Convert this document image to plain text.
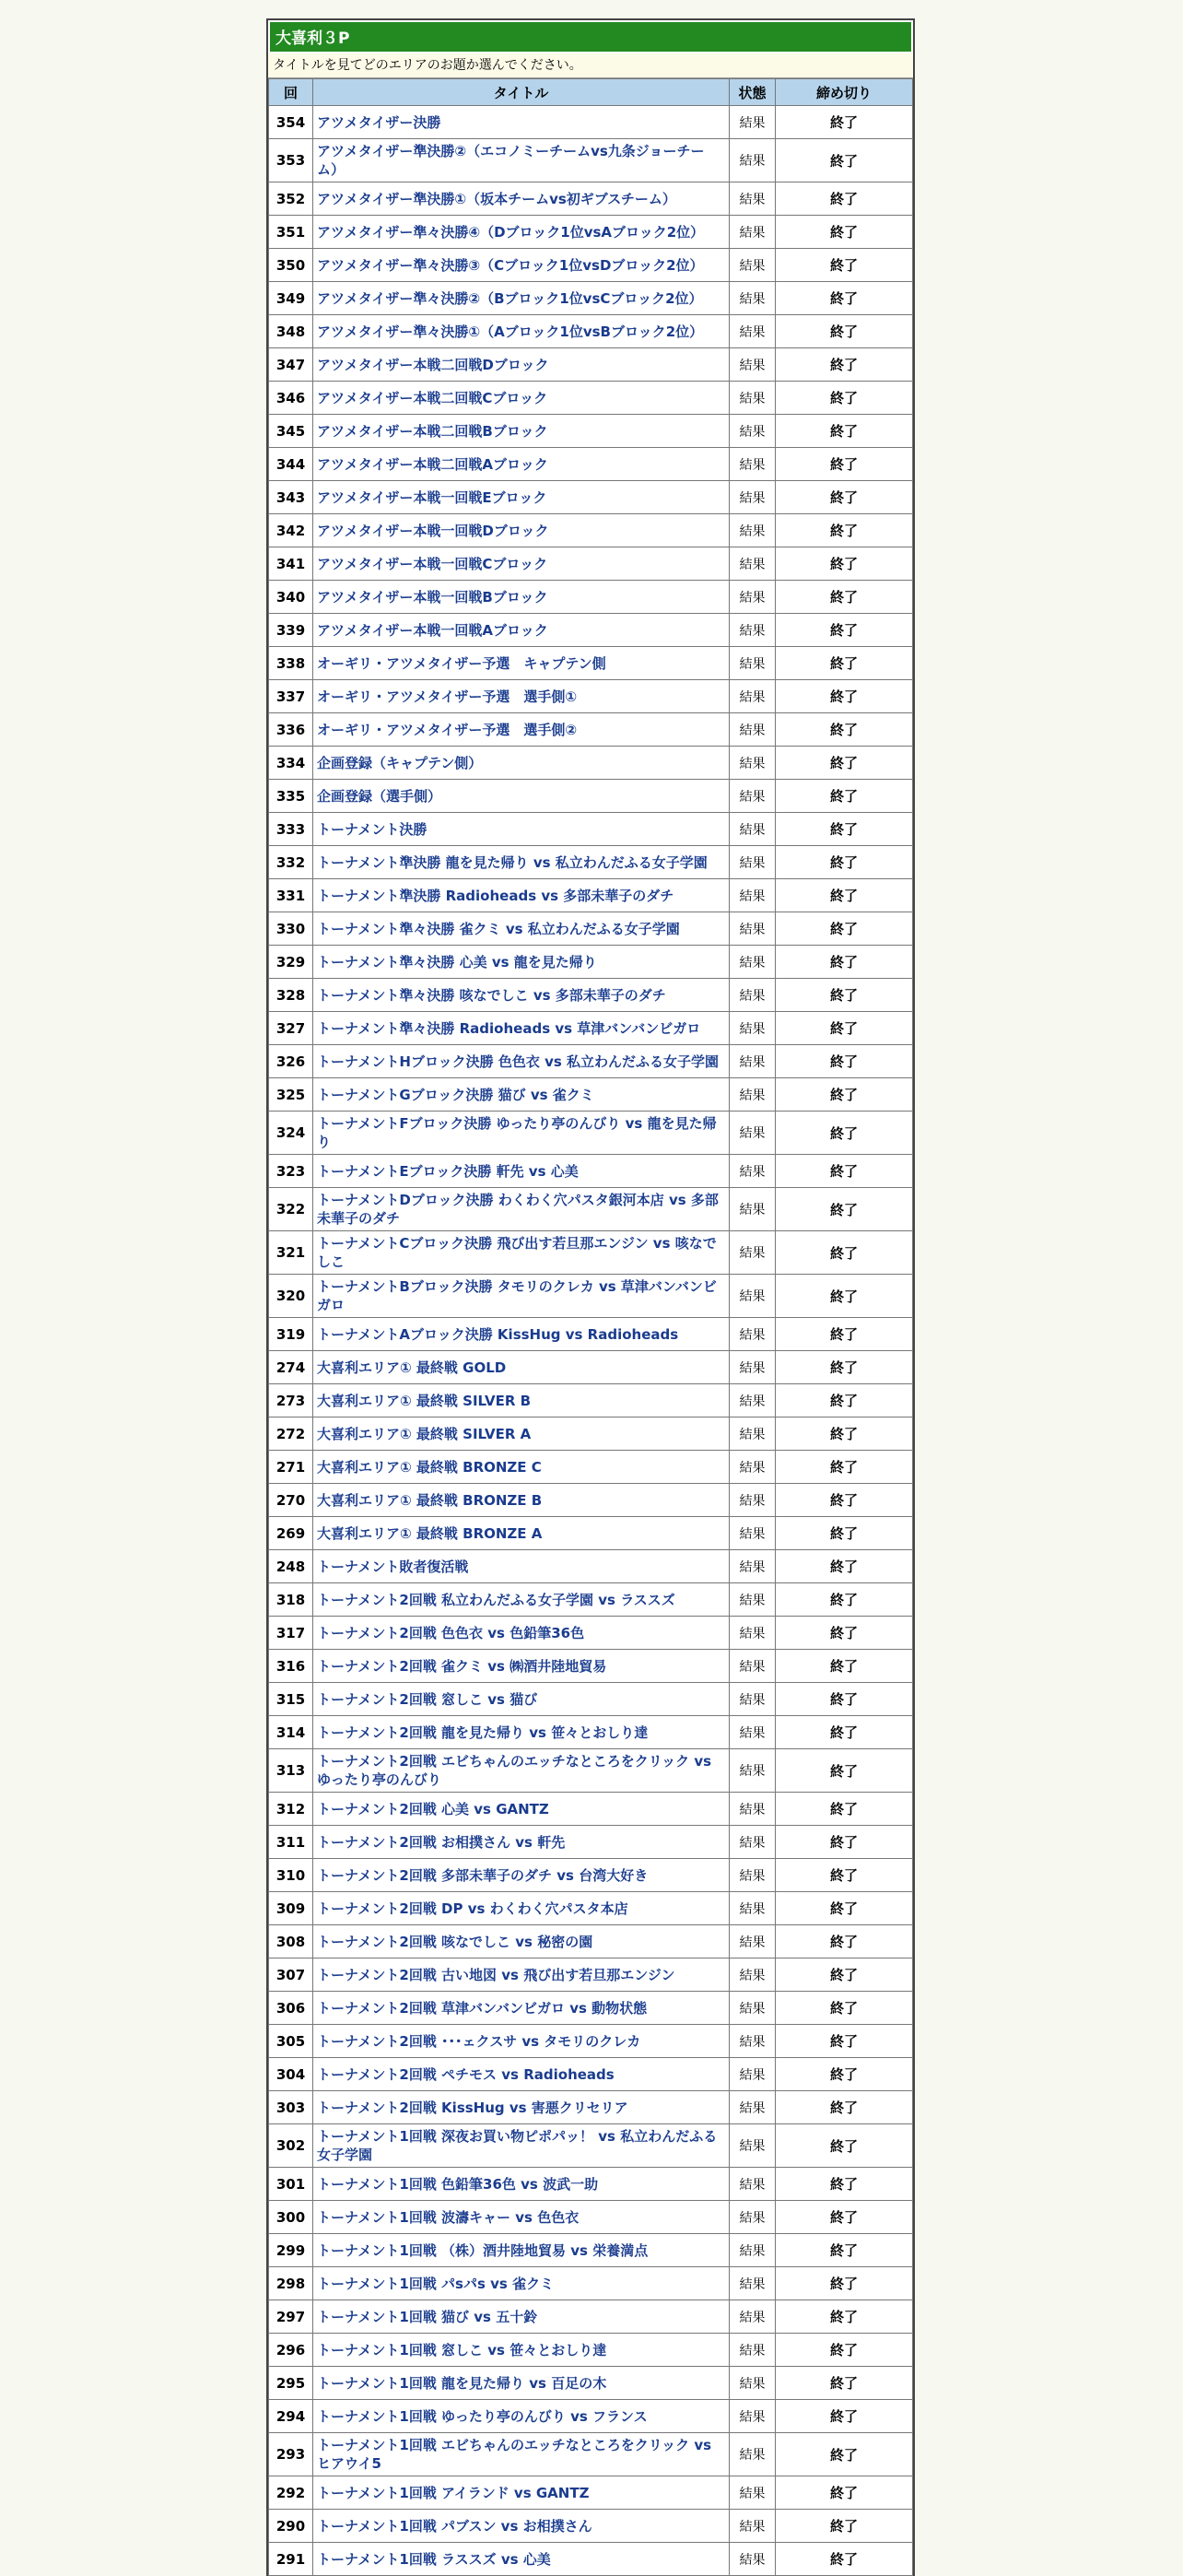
大喜利３P
タイトルを見てどのエリアのお題か選んでください。
回	タイトル	状態	締め切り
354	アツメタイザー決勝	結果	終了
353	アツメタイザー準決勝②（エコノミーチームvs九条ジョーチーム）	結果	終了
352	アツメタイザー準決勝①（坂本チームvs初ギブスチーム）	結果	終了
351	アツメタイザー準々決勝④（Dブロック1位vsAブロック2位）	結果	終了
350	アツメタイザー準々決勝③（Cブロック1位vsDブロック2位）	結果	終了
349	アツメタイザー準々決勝②（Bブロック1位vsCブロック2位）	結果	終了
348	アツメタイザー準々決勝①（Aブロック1位vsBブロック2位）	結果	終了
347	アツメタイザー本戦二回戦Dブロック	結果	終了
346	アツメタイザー本戦二回戦Cブロック	結果	終了
345	アツメタイザー本戦二回戦Bブロック	結果	終了
344	アツメタイザー本戦二回戦Aブロック	結果	終了
343	アツメタイザー本戦一回戦Eブロック	結果	終了
342	アツメタイザー本戦一回戦Dブロック	結果	終了
341	アツメタイザー本戦一回戦Cブロック	結果	終了
340	アツメタイザー本戦一回戦Bブロック	結果	終了
339	アツメタイザー本戦一回戦Aブロック	結果	終了
338	オーギリ・アツメタイザー予選　キャプテン側	結果	終了
337	オーギリ・アツメタイザー予選　選手側①	結果	終了
336	オーギリ・アツメタイザー予選　選手側②	結果	終了
334	企画登録（キャプテン側）	結果	終了
335	企画登録（選手側）	結果	終了
333	トーナメント決勝	結果	終了
332	トーナメント準決勝 龍を見た帰り vs 私立わんだふる女子学園	結果	終了
331	トーナメント準決勝 Radioheads vs 多部未華子のダチ	結果	終了
330	トーナメント準々決勝 雀クミ vs 私立わんだふる女子学園	結果	終了
329	トーナメント準々決勝 心美 vs 龍を見た帰り	結果	終了
328	トーナメント準々決勝 咳なでしこ vs 多部未華子のダチ	結果	終了
327	トーナメント準々決勝 Radioheads vs 草津バンバンビガロ	結果	終了
326	トーナメントHブロック決勝 色色衣 vs 私立わんだふる女子学園	結果	終了
325	トーナメントGブロック決勝 猫び vs 雀クミ	結果	終了
324	トーナメントFブロック決勝 ゆったり亭のんびり vs 龍を見た帰り	結果	終了
323	トーナメントEブロック決勝 軒先 vs 心美	結果	終了
322	トーナメントDブロック決勝 わくわく穴パスタ銀河本店 vs 多部未華子のダチ	結果	終了
321	トーナメントCブロック決勝 飛び出す若旦那エンジン vs 咳なでしこ	結果	終了
320	トーナメントBブロック決勝 タモリのクレカ vs 草津バンバンビガロ	結果	終了
319	トーナメントAブロック決勝 KissHug vs Radioheads	結果	終了
274	大喜利エリア① 最終戦 GOLD	結果	終了
273	大喜利エリア① 最終戦 SILVER B	結果	終了
272	大喜利エリア① 最終戦 SILVER A	結果	終了
271	大喜利エリア① 最終戦 BRONZE C	結果	終了
270	大喜利エリア① 最終戦 BRONZE B	結果	終了
269	大喜利エリア① 最終戦 BRONZE A	結果	終了
248	トーナメント敗者復活戦	結果	終了
318	トーナメント2回戦 私立わんだふる女子学園 vs ラススズ	結果	終了
317	トーナメント2回戦 色色衣 vs 色鉛筆36色	結果	終了
316	トーナメント2回戦 雀クミ vs ㈱酒井陸地貿易	結果	終了
315	トーナメント2回戦 窓しこ vs 猫び	結果	終了
314	トーナメント2回戦 龍を見た帰り vs 笹々とおしり達	結果	終了
313	トーナメント2回戦 エビちゃんのエッチなところをクリック vs ゆったり亭のんびり	結果	終了
312	トーナメント2回戦 心美 vs GANTZ	結果	終了
311	トーナメント2回戦 お相撲さん vs 軒先	結果	終了
310	トーナメント2回戦 多部未華子のダチ vs 台湾大好き	結果	終了
309	トーナメント2回戦 DP vs わくわく穴パスタ本店	結果	終了
308	トーナメント2回戦 咳なでしこ vs 秘密の園	結果	終了
307	トーナメント2回戦 古い地図 vs 飛び出す若旦那エンジン	結果	終了
306	トーナメント2回戦 草津バンバンビガロ vs 動物状態	結果	終了
305	トーナメント2回戦 ･･･ェクスサ vs タモリのクレカ	結果	終了
304	トーナメント2回戦 ペチモス vs Radioheads	結果	終了
303	トーナメント2回戦 KissHug vs 害悪クリセリア	結果	終了
302	トーナメント1回戦 深夜お買い物ピポパッ！ vs 私立わんだふる女子学園	結果	終了
301	トーナメント1回戦 色鉛筆36色 vs 波武一助	結果	終了
300	トーナメント1回戦 波濤キャー vs 色色衣	結果	終了
299	トーナメント1回戦 （株）酒井陸地貿易 vs 栄養満点	結果	終了
298	トーナメント1回戦 パsパs vs 雀クミ	結果	終了
297	トーナメント1回戦 猫び vs 五十鈴	結果	終了
296	トーナメント1回戦 窓しこ vs 笹々とおしり達	結果	終了
295	トーナメント1回戦 龍を見た帰り vs 百足の木	結果	終了
294	トーナメント1回戦 ゆったり亭のんびり vs フランス	結果	終了
293	トーナメント1回戦 エビちゃんのエッチなところをクリック vs ヒアウイ5	結果	終了
292	トーナメント1回戦 アイランド vs GANTZ	結果	終了
290	トーナメント1回戦 パブスン vs お相撲さん	結果	終了
291	トーナメント1回戦 ラススズ vs 心美	結果	終了
